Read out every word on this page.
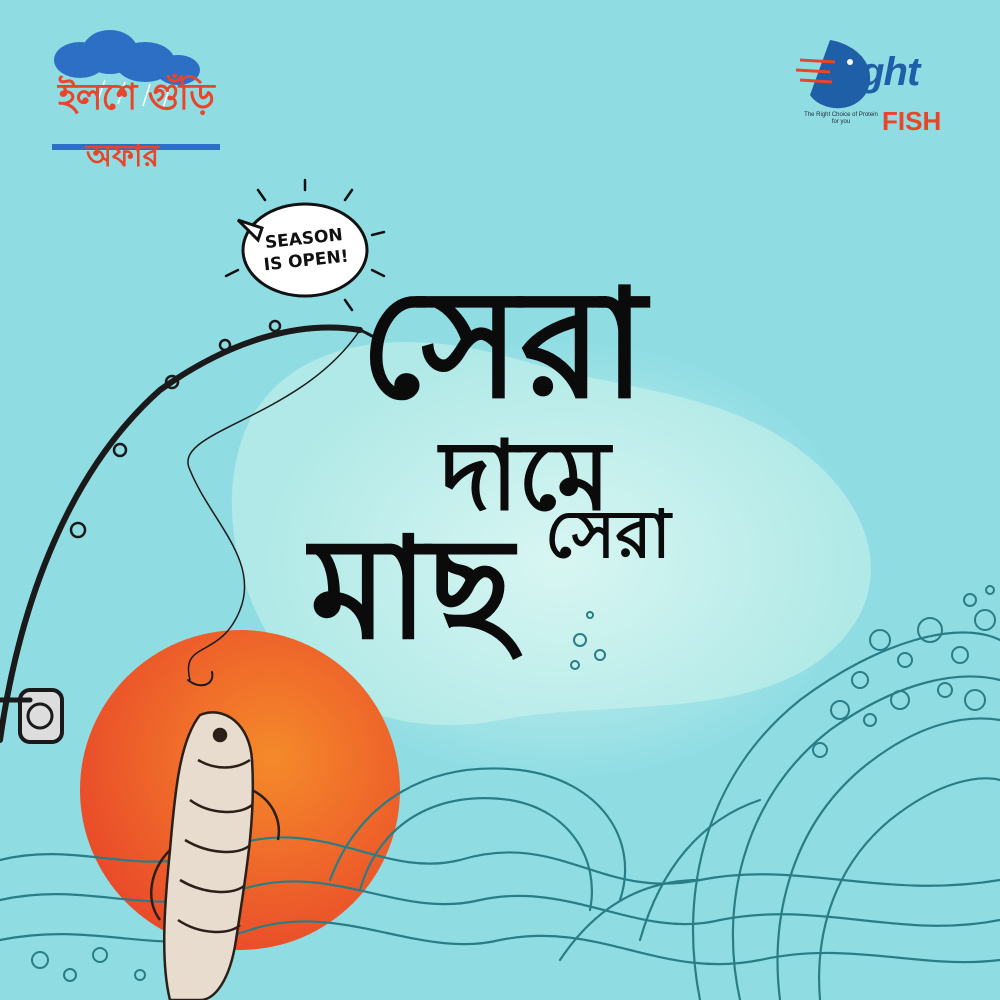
ইলশে গুঁড়ি
অফার
ight
The Right Choice of Protein for you	FISH
SEASON
IS OPEN! সেরা
দামে
সেরা
মাছ
